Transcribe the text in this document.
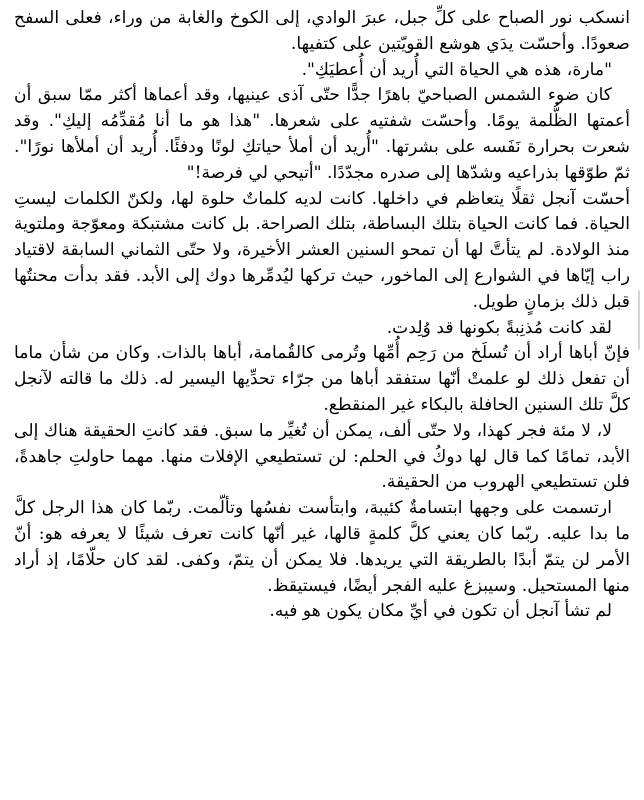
انسكب نور الصباح على كلِّ جبل، عبرَ الوادي، إلى الكوخ والغابة من وراء، فعلى السفح صعودًا. وأحسّت يدَي هوشع القويّتين على كتفيها.

"مارة، هذه هي الحياة التي أُريد أن أُعطيَكِ".

كان ضوء الشمس الصباحيّ باهرًا جدًّا حتّى آذى عينيها، وقد أعماها أكثر ممّا سبق أن أعمتها الظُّلمة يومًا. وأحسّت شفتيه على شعرها. "هذا هو ما أنا مُقدِّمُه إليكِ". وقد شعرت بحرارة نَفَسه على بشرتها. "أُريد أن أملأ حياتكِ لونًا ودفئًا. أُريد أن أملأها نورًا". ثمّ طوّقها بذراعيه وشدّها إلى صدره مجدّدًا. "أتيحي لي فرصة!"

أحسّت آنجل ثقلًا يتعاظم في داخلها. كانت لديه كلماتٌ حلوة لها، ولكنّ الكلمات ليستِ الحياة. فما كانت الحياة بتلك البساطة، بتلك الصراحة. بل كانت مشتبكة ومعوّجة وملتوية منذ الولادة. لم يتأتَّ لها أن تمحو السنين العشر الأخيرة، ولا حتّى الثماني السابقة لاقتياد راب إيّاها في الشوارع إلى الماخور، حيث تركها ليُدمِّرها دوك إلى الأبد. فقد بدأت محنتُها قبل ذلك بزمانٍ طويل.

لقد كانت مُذنِبةً بكونها قد وُلِدت.

فإنّ أباها أراد أن تُسلَخ من رَحِم أُمِّها وتُرمى كالقُمامة، أباها بالذات. وكان من شأن ماما أن تفعل ذلك لو علمتْ أنّها ستفقد أباها من جرّاء تحدِّيها اليسير له. ذلك ما قالته لآنجل كلَّ تلك السنين الحافلة بالبكاء غير المنقطع.

لا، لا مئة فجر كهذا، ولا حتّى ألف، يمكن أن تُغيِّر ما سبق. فقد كانتِ الحقيقة هناك إلى الأبد، تمامًا كما قال لها دوكُ في الحلم: لن تستطيعي الإفلات منها. مهما حاولتِ جاهدةً، فلن تستطيعي الهروب من الحقيقة.

ارتسمت على وجهها ابتسامةٌ كئيبة، وابتأست نفسُها وتألّمت. ربّما كان هذا الرجل كلَّ ما بدا عليه. ربّما كان يعني كلَّ كلمةٍ قالها، غير أنّها كانت تعرف شيئًا لا يعرفه هو: أنّ الأمر لن يتمّ أبدًا بالطريقة التي يريدها. فلا يمكن أن يتمّ، وكفى. لقد كان حلّامًا، إذ أراد منها المستحيل. وسيبزغ عليه الفجر أيضًا، فيستيقظ.

لم تشأ آنجل أن تكون في أيِّ مكان يكون هو فيه.
